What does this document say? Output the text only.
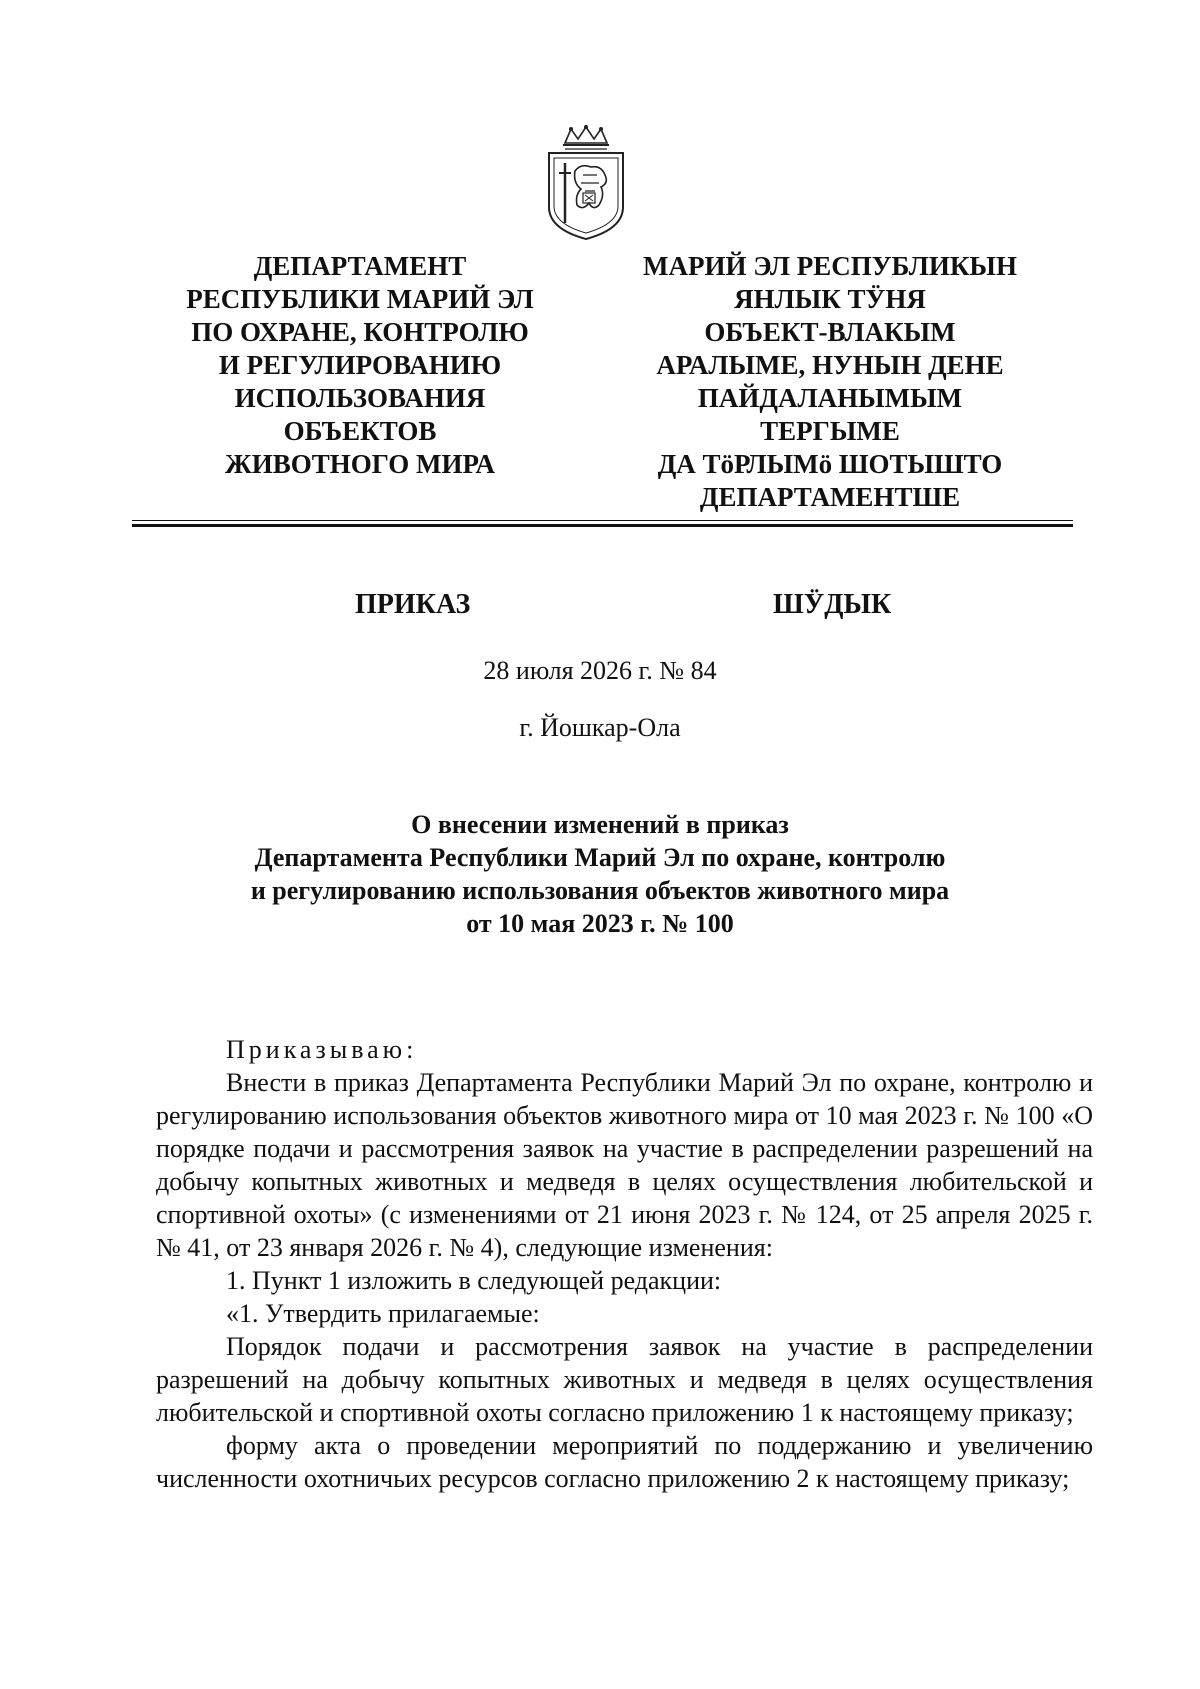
ДЕПАРТАМЕНТ
РЕСПУБЛИКИ МАРИЙ ЭЛ
ПО ОХРАНЕ, КОНТРОЛЮ
И РЕГУЛИРОВАНИЮ
ИСПОЛЬЗОВАНИЯ
ОБЪЕКТОВ
ЖИВОТНОГО МИРА
МАРИЙ ЭЛ РЕСПУБЛИКЫН
ЯНЛЫК ТӰНЯ
ОБЪЕКТ-ВЛАКЫМ
АРАЛЫМЕ, НУНЫН ДЕНЕ
ПАЙДАЛАНЫМЫМ
ТЕРГЫМЕ
ДА ТӧРЛЫМӧ ШОТЫШТО
ДЕПАРТАМЕНТШЕ
ПРИКАЗ	ШӰДЫК
28 июля 2026 г. № 84
г. Йошкар-Ола
О внесении изменений в приказ
Департамента Республики Марий Эл по охране, контролю
и регулированию использования объектов животного мира
от 10 мая 2023 г. № 100
Приказываю:
Внести в приказ Департамента Республики Марий Эл по охране, контролю и регулированию использования объектов животного мира от 10 мая 2023 г. № 100 «О порядке подачи и рассмотрения заявок на участие в распределении разрешений на добычу копытных животных и медведя в целях осуществления любительской и спортивной охоты» (с изменениями от 21 июня 2023 г. № 124, от 25 апреля 2025 г. № 41, от 23 января 2026 г. № 4), следующие изменения:
1. Пункт 1 изложить в следующей редакции:
«1. Утвердить прилагаемые:
Порядок подачи и рассмотрения заявок на участие в распределении разрешений на добычу копытных животных и медведя в целях осуществления любительской и спортивной охоты согласно приложению 1 к настоящему приказу;
форму акта о проведении мероприятий по поддержанию и увеличению численности охотничьих ресурсов согласно приложению 2 к настоящему приказу;
